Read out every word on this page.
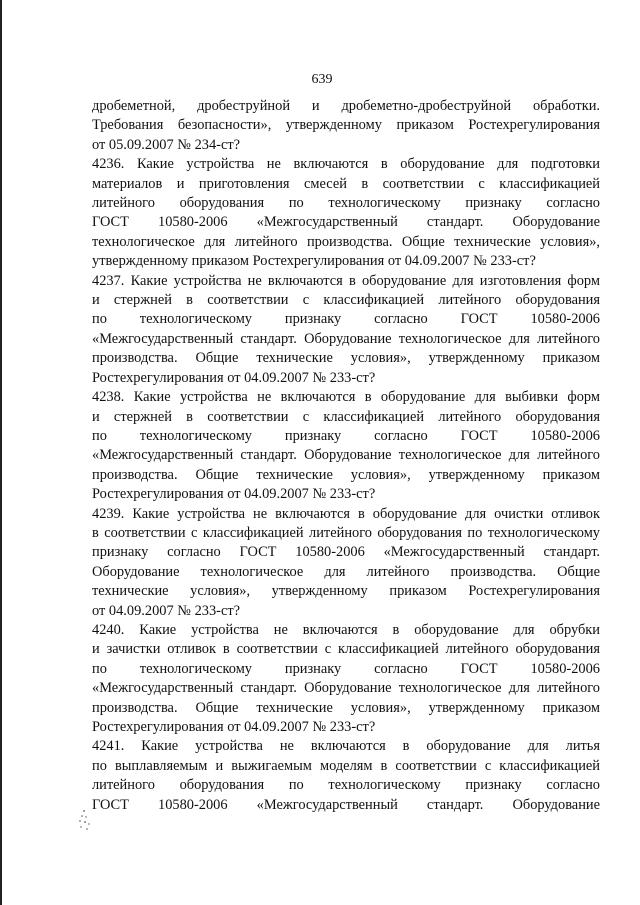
639
дробеметной, дробеструйной и дробеметно-дробеструйной обработки.
Требования безопасности», утвержденному приказом Ростехрегулирования
от 05.09.2007 № 234-ст?
4236. Какие устройства не включаются в оборудование для подготовки
материалов и приготовления смесей в соответствии с классификацией
литейного оборудования по технологическому признаку согласно
ГОСТ 10580-2006 «Межгосударственный стандарт. Оборудование
технологическое для литейного производства. Общие технические условия»,
утвержденному приказом Ростехрегулирования от 04.09.2007 № 233-ст?
4237. Какие устройства не включаются в оборудование для изготовления форм
и стержней в соответствии с классификацией литейного оборудования
по технологическому признаку согласно ГОСТ 10580-2006
«Межгосударственный стандарт. Оборудование технологическое для литейного
производства. Общие технические условия», утвержденному приказом
Ростехрегулирования от 04.09.2007 № 233-ст?
4238. Какие устройства не включаются в оборудование для выбивки форм
и стержней в соответствии с классификацией литейного оборудования
по технологическому признаку согласно ГОСТ 10580-2006
«Межгосударственный стандарт. Оборудование технологическое для литейного
производства. Общие технические условия», утвержденному приказом
Ростехрегулирования от 04.09.2007 № 233-ст?
4239. Какие устройства не включаются в оборудование для очистки отливок
в соответствии с классификацией литейного оборудования по технологическому
признаку согласно ГОСТ 10580-2006 «Межгосударственный стандарт.
Оборудование технологическое для литейного производства. Общие
технические условия», утвержденному приказом Ростехрегулирования
от 04.09.2007 № 233-ст?
4240. Какие устройства не включаются в оборудование для обрубки
и зачистки отливок в соответствии с классификацией литейного оборудования
по технологическому признаку согласно ГОСТ 10580-2006
«Межгосударственный стандарт. Оборудование технологическое для литейного
производства. Общие технические условия», утвержденному приказом
Ростехрегулирования от 04.09.2007 № 233-ст?
4241. Какие устройства не включаются в оборудование для литья
по выплавляемым и выжигаемым моделям в соответствии с классификацией
литейного оборудования по технологическому признаку согласно
ГОСТ 10580-2006 «Межгосударственный стандарт. Оборудование
